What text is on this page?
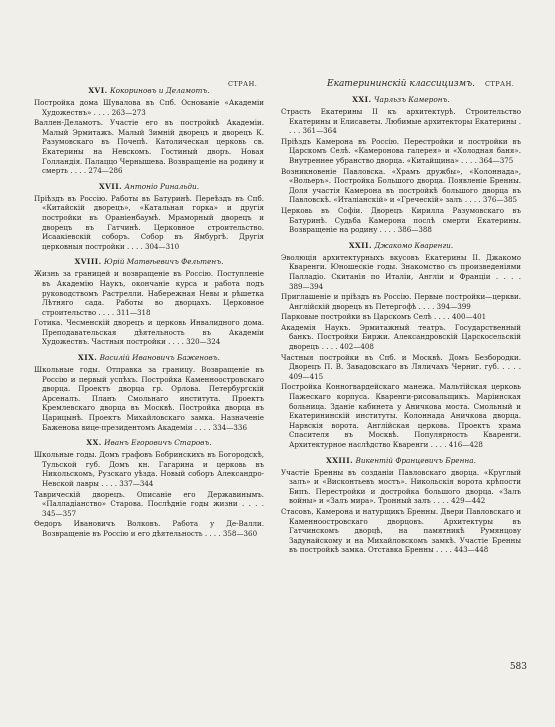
СТРАН.	СТРАН.
XVI. Кокориновъ и Деламотъ.
Постройка дома Шувалова въ Спб. Основаніе «Академіи Художествъ» . . . . 263—273
Валлен-Деламотъ. Участіе его въ постройкѣ Академіи. Малый Эрмитажъ. Малый Зимній дворецъ и дворецъ К. Разумовскаго въ Почепѣ. Католическая церковь св. Екатерины на Невскомъ. Гостиный дворъ. Новая Голландія. Палаццо Чернышева. Возвращеніе на родину и смерть . . . . 274—286
XVII. Антоніо Ринальди.
Пріѣздъ въ Россію. Работы въ Батуринѣ. Переѣздъ въ Спб. «Китайскій дворецъ», «Катальная горка» и другія постройки въ Ораніенбаумѣ. Мраморный дворецъ и дворецъ въ Гатчинѣ. Церковное строительство. Исаакіевскій соборъ. Собор въ Ямбургѣ. Другія церковныя постройки . . . . 304—310
XVIII. Юрій Матвѣевичъ Фельтенъ.
Жизнь за границей и возвращеніе въ Россію. Поступленіе въ Академію Наукъ, окончаніе курса и работа подъ руководствомъ Растрелли. Набережная Невы и рѣшетка Лѣтняго сада. Работы во дворцахъ. Церковное строительство . . . . 311—318
Готика. Чесменскій дворецъ и церковь Инвалидного дома. Преподавательская дѣятельность въ Академіи Художествъ. Частныя постройки . . . . 320—324
XIX. Василій Ивановичъ Баженовъ.
Школьные годы. Отправка за границу. Возвращеніе въ Россію и первый успѣхъ. Постройка Каменноостровскаго дворца. Проектъ дворца гр. Орлова. Петербургскій Арсеналъ. Планъ Смольнаго института. Проектъ Кремлевскаго дворца въ Москвѣ. Постройка дворца въ Царицынѣ. Проектъ Михайловскаго замка. Назначеніе Баженова вице-президентомъ Академіи . . . . 334—336
XX. Иванъ Егоровичъ Старовъ.
Школьные годы. Домъ графовъ Бобринскихъ въ Богородскѣ, Тульской губ. Домъ кн. Гагарина и церковь въ Никольскомъ, Рузскаго уѣзда. Новый соборъ Александро-Невской лавры . . . . 337—344
Таврическій дворецъ. Описаніе его Державинымъ. «Палладіанство» Старова. Послѣдніе годы жизни . . . . 345—357
Ѳедоръ Ивановичъ Волковъ. Работа у Де-Валли. Возвращеніе въ Россію и его дѣятельность . . . . 358—360
Екатерининскій классицизмъ.
XXI. Чарльзъ Камеронъ.
Страсть Екатерины II къ архитектурѣ. Строительство Екатерины и Елисаветы. Любимые архитекторы Екатерины . . . . 361—364
Пріѣздъ Камерона въ Россію. Перестройки и постройки въ Царскомъ Селѣ. «Камеронова галерея» и «Холодная баня». Внутреннее убранство дворца. «Китайщина» . . . . 364—375
Возникновеніе Павловска. «Храмъ дружбы», «Колоннада», «Вольеръ». Постройка Большого дворца. Появленіе Бренны. Доля участія Камерона въ постройкѣ большого дворца въ Павловскѣ. «Италіанскій» и «Греческій» залъ . . . . 376—385
Церковь въ Софіи. Дворецъ Кирилла Разумовскаго въ Батуринѣ. Судьба Камерона послѣ смерти Екатерины. Возвращеніе на родину . . . . 386—388
XXII. Джакомо Кваренги.
Эволюція архитектурныхъ вкусовъ Екатерины II. Джакомо Кваренги. Юношескіе годы. Знакомство съ произведеніями Палладіо. Скитанія по Италіи, Англіи и Франціи . . . . 389—394
Приглашеніе и пріѣздъ въ Россію. Первые постройки—церкви. Англійскій дворецъ въ Петергофѣ . . . . 394—399
Парковые постройки въ Царскомъ Селѣ . . . . 400—401
Академія Наукъ. Эрмитажный театръ. Государственный банкъ. Постройки Биржи. Александровскій Царскосельскій дворецъ . . . . 402—408
Частныя постройки въ Спб. и Москвѣ. Домъ Безбородки. Дворецъ П. В. Завадовскаго въ Ляличахъ Черниг. губ. . . . . 409—415
Постройка Конногвардейскаго манежа. Мальтійская церковь Пажескаго корпуса. Кваренги-рисовальщикъ. Маріинская больница. Зданіе кабинета у Аничкова моста. Смольный и Екатерининскій институты. Колоннада Аничкова дворца. Нарвскія ворота. Англійская церковь. Проектъ храма Спасителя въ Москвѣ. Популярность Кваренги. Архитектурное наслѣдство Кваренги . . . . 416—428
XXIII. Викентій Францевичъ Бренна.
Участіе Бренны въ созданіи Павловскаго дворца. «Круглый залъ» и «Висконтьевъ мостъ». Никольскія ворота крѣпости Бипъ. Перестройки и достройка большого дворца. «Залъ войны» и «Залъ мира». Тронный залъ . . . . 429—442
Стасовъ, Камерона и натурщикъ Бренны. Двери Павловскаго и Каменноостровскаго дворцовъ. Архитектуры въ Гатчинскомъ дворцѣ, на памятникѣ Румянцову Задунайскому и на Михайловскомъ замкѣ. Участіе Бренны въ постройкѣ замка. Отставка Бренны . . . . 443—448
583
